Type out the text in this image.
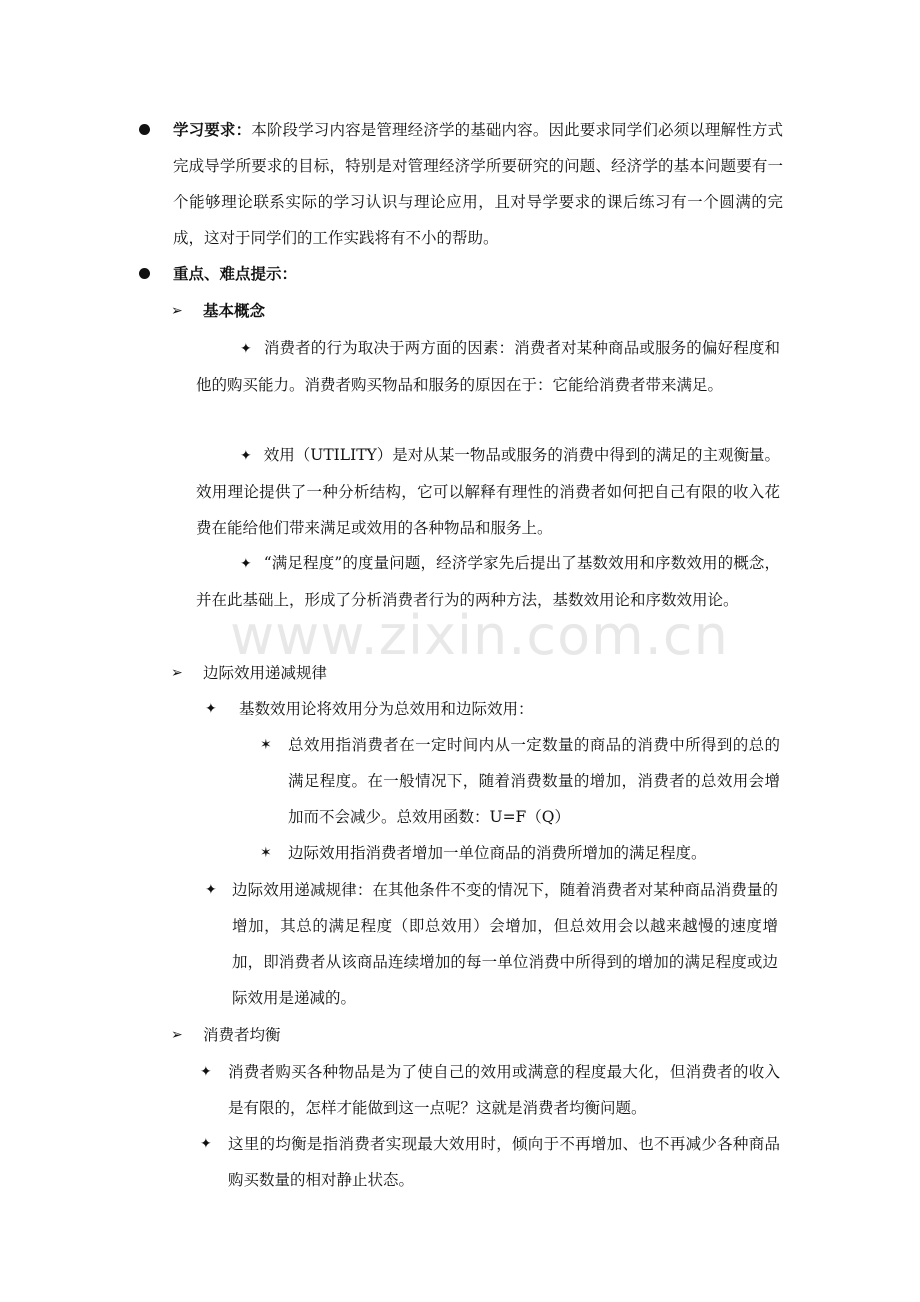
学习要求：本阶段学习内容是管理经济学的基础内容。因此要求同学们必须以理解性方式完成导学所要求的目标，特别是对管理经济学所要研究的问题、经济学的基本问题要有一个能够理论联系实际的学习认识与理论应用，且对导学要求的课后练习有一个圆满的完成，这对于同学们的工作实践将有不小的帮助。
重点、难点提示：
➢ 基本概念
✦ 消费者的行为取决于两方面的因素：消费者对某种商品或服务的偏好程度和他的购买能力。消费者购买物品和服务的原因在于：它能给消费者带来满足。
✦ 效用（UTILITY）是对从某一物品或服务的消费中得到的满足的主观衡量。效用理论提供了一种分析结构，它可以解释有理性的消费者如何把自己有限的收入花费在能给他们带来满足或效用的各种物品和服务上。
✦ “满足程度”的度量问题，经济学家先后提出了基数效用和序数效用的概念，并在此基础上，形成了分析消费者行为的两种方法，基数效用论和序数效用论。
www.zixin.com.cn
➢ 边际效用递减规律
✦ 基数效用论将效用分为总效用和边际效用：
✶ 总效用指消费者在一定时间内从一定数量的商品的消费中所得到的总的满足程度。在一般情况下，随着消费数量的增加，消费者的总效用会增加而不会减少。总效用函数：U=F（Q）
✶ 边际效用指消费者增加一单位商品的消费所增加的满足程度。
✦ 边际效用递减规律：在其他条件不变的情况下，随着消费者对某种商品消费量的增加，其总的满足程度（即总效用）会增加，但总效用会以越来越慢的速度增加，即消费者从该商品连续增加的每一单位消费中所得到的增加的满足程度或边际效用是递减的。
➢ 消费者均衡
✦ 消费者购买各种物品是为了使自己的效用或满意的程度最大化，但消费者的收入是有限的，怎样才能做到这一点呢？这就是消费者均衡问题。
✦ 这里的均衡是指消费者实现最大效用时，倾向于不再增加、也不再减少各种商品购买数量的相对静止状态。
